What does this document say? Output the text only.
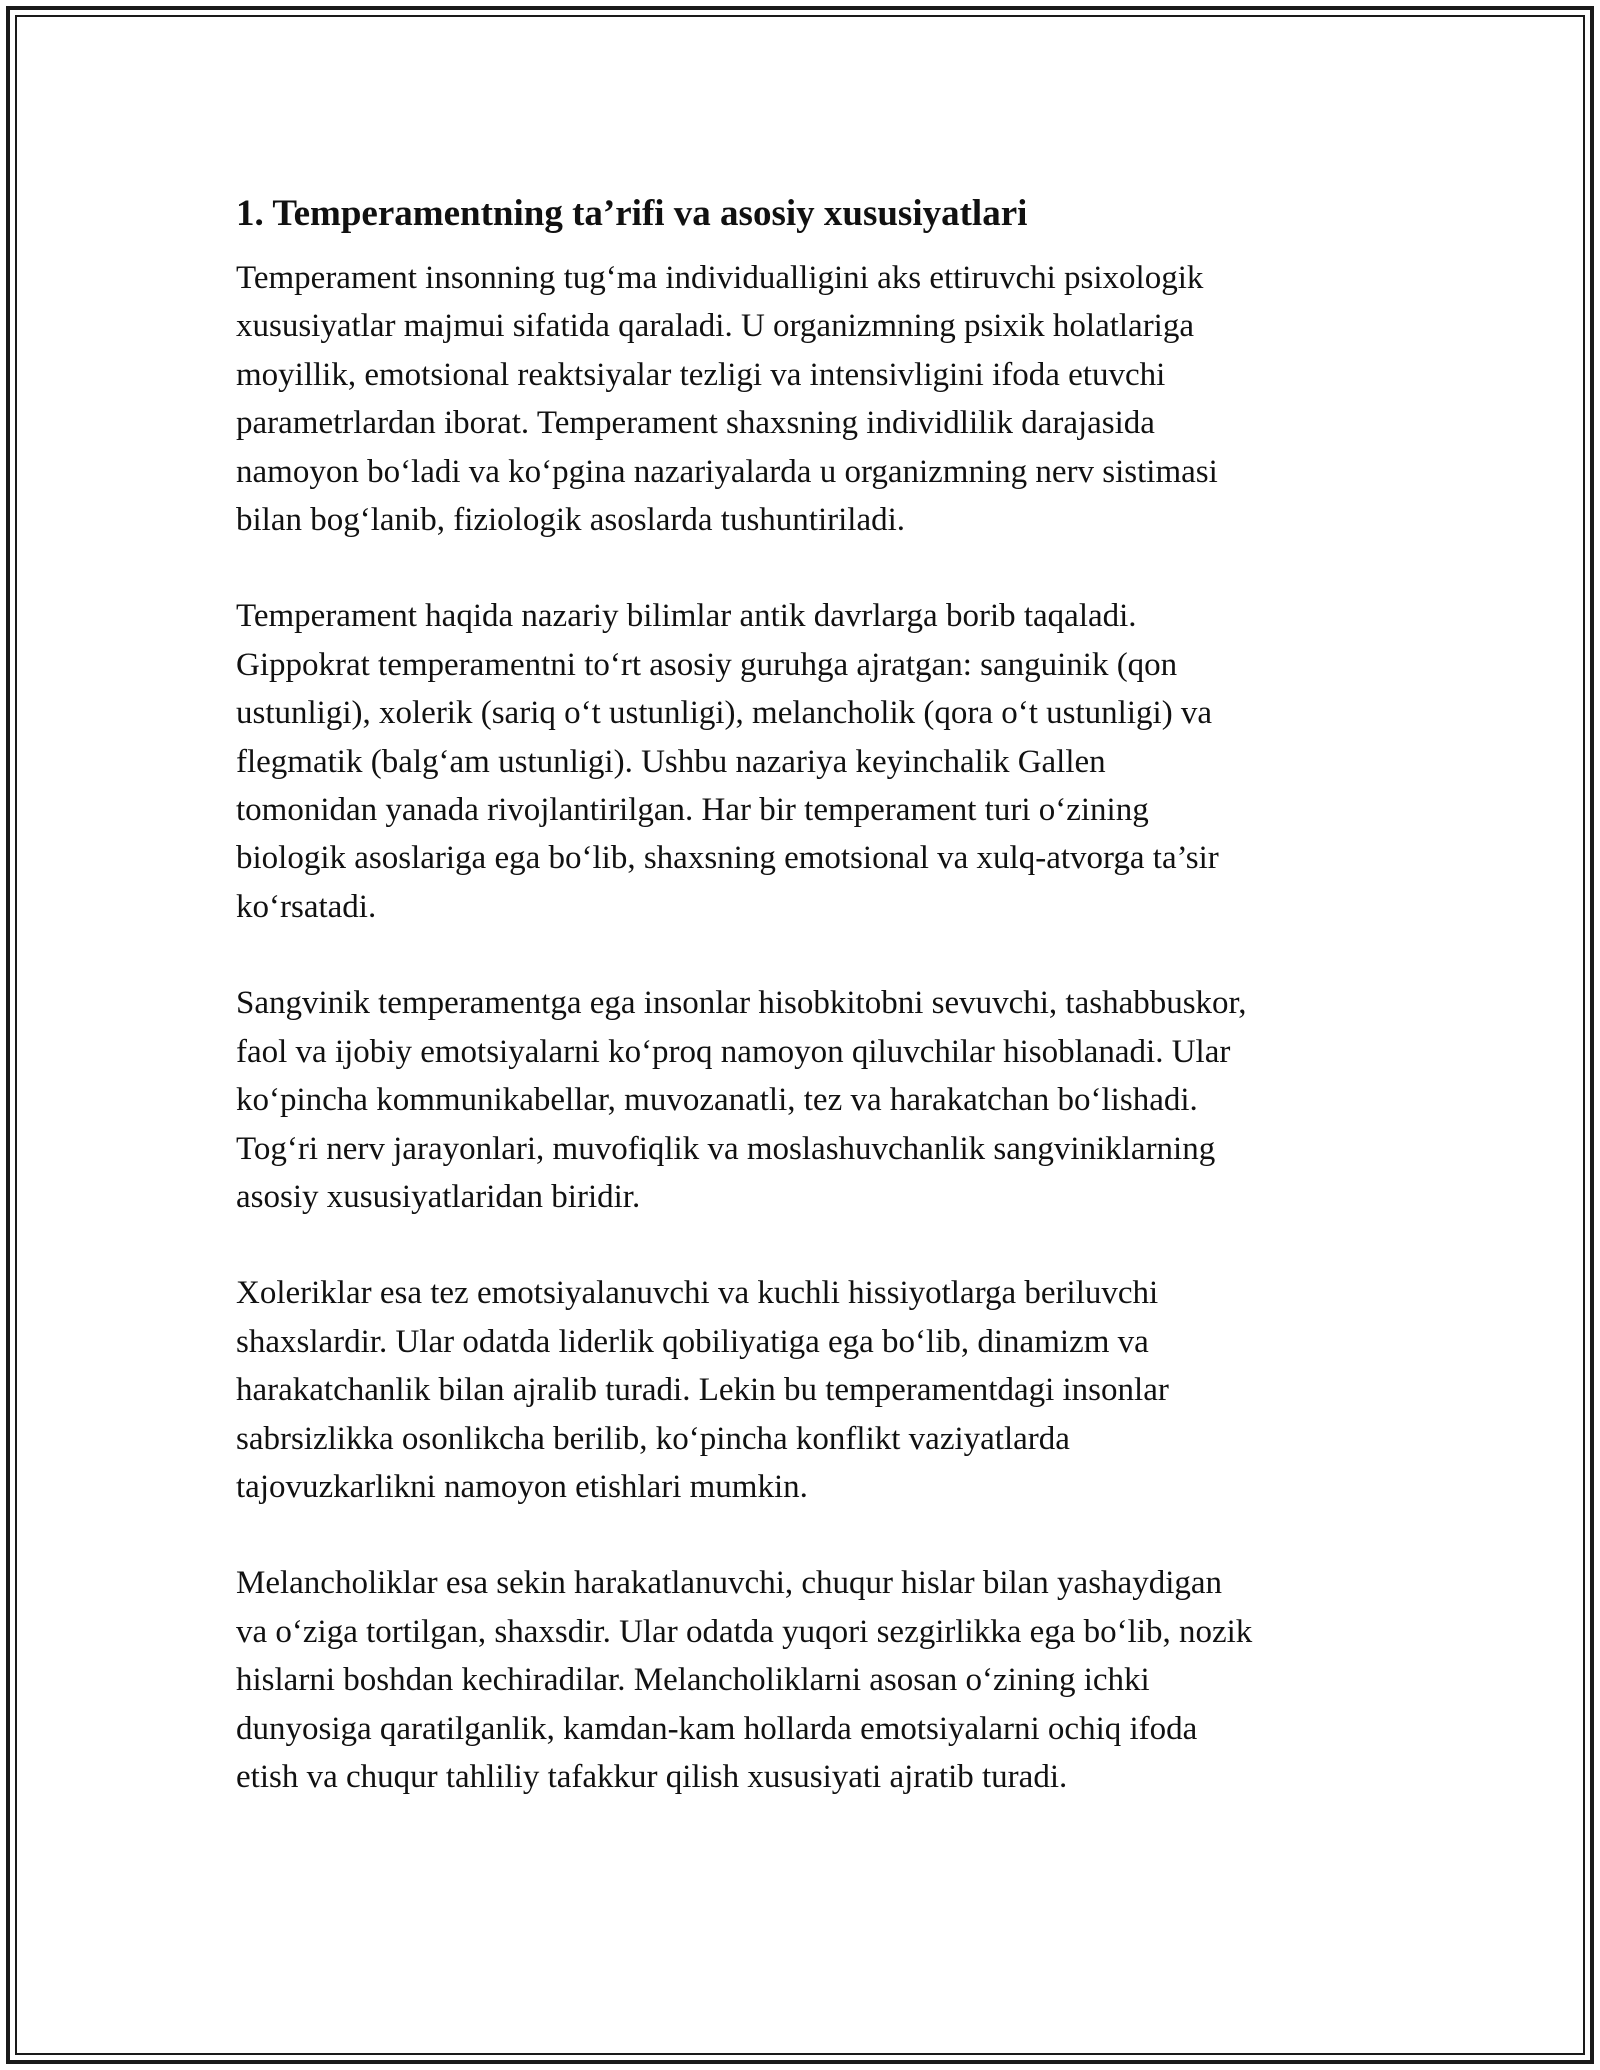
1. Temperamentning ta’rifi va asosiy xususiyatlari

Temperament insonning tug‘ma individualligini aks ettiruvchi psixologik
xususiyatlar majmui sifatida qaraladi. U organizmning psixik holatlariga
moyillik, emotsional reaktsiyalar tezligi va intensivligini ifoda etuvchi
parametrlardan iborat. Temperament shaxsning individlilik darajasida
namoyon bo‘ladi va ko‘pgina nazariyalarda u organizmning nerv sistimasi
bilan bog‘lanib, fiziologik asoslarda tushuntiriladi.

Temperament haqida nazariy bilimlar antik davrlarga borib taqaladi.
Gippokrat temperamentni to‘rt asosiy guruhga ajratgan: sanguinik (qon
ustunligi), xolerik (sariq o‘t ustunligi), melancholik (qora o‘t ustunligi) va
flegmatik (balg‘am ustunligi). Ushbu nazariya keyinchalik Gallen
tomonidan yanada rivojlantirilgan. Har bir temperament turi o‘zining
biologik asoslariga ega bo‘lib, shaxsning emotsional va xulq-atvorga ta’sir
ko‘rsatadi.

Sangvinik temperamentga ega insonlar hisobkitobni sevuvchi, tashabbuskor,
faol va ijobiy emotsiyalarni ko‘proq namoyon qiluvchilar hisoblanadi. Ular
ko‘pincha kommunikabellar, muvozanatli, tez va harakatchan bo‘lishadi.
Tog‘ri nerv jarayonlari, muvofiqlik va moslashuvchanlik sangviniklarning
asosiy xususiyatlaridan biridir.

Xoleriklar esa tez emotsiyalanuvchi va kuchli hissiyotlarga beriluvchi
shaxslardir. Ular odatda liderlik qobiliyatiga ega bo‘lib, dinamizm va
harakatchanlik bilan ajralib turadi. Lekin bu temperamentdagi insonlar
sabrsizlikka osonlikcha berilib, ko‘pincha konflikt vaziyatlarda
tajovuzkarlikni namoyon etishlari mumkin.

Melancholiklar esa sekin harakatlanuvchi, chuqur hislar bilan yashaydigan
va o‘ziga tortilgan, shaxsdir. Ular odatda yuqori sezgirlikka ega bo‘lib, nozik
hislarni boshdan kechiradilar. Melancholiklarni asosan o‘zining ichki
dunyosiga qaratilganlik, kamdan-kam hollarda emotsiyalarni ochiq ifoda
etish va chuqur tahliliy tafakkur qilish xususiyati ajratib turadi.
